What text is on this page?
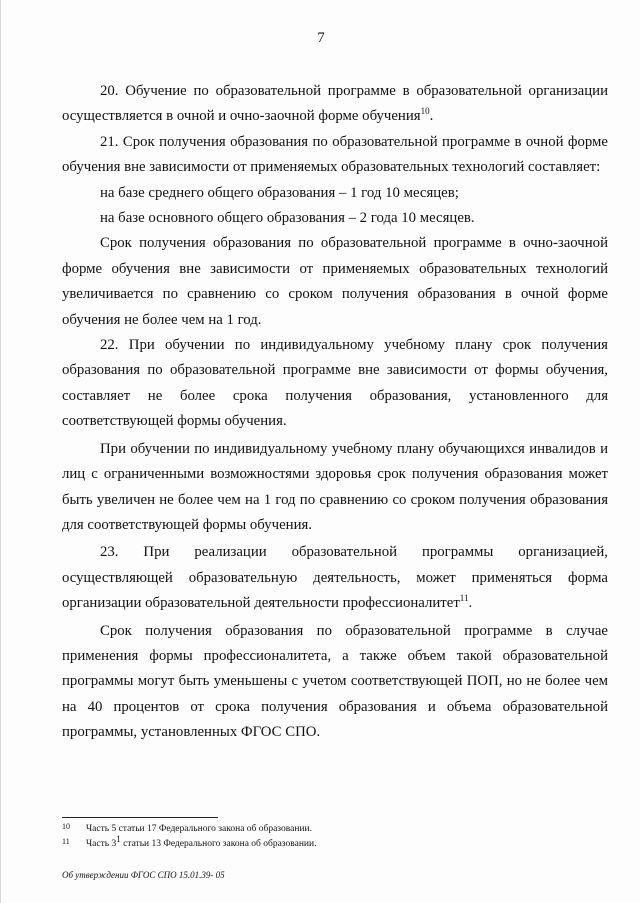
7

20. Обучение по образовательной программе в образовательной организации осуществляется в очной и очно-заочной форме обучения$^{10}$.

21. Срок получения образования по образовательной программе в очной форме обучения вне зависимости от применяемых образовательных технологий составляет:

на базе среднего общего образования – 1 год 10 месяцев;

на базе основного общего образования – 2 года 10 месяцев.

Срок получения образования по образовательной программе в очно-заочной форме обучения вне зависимости от применяемых образовательных технологий увеличивается по сравнению со сроком получения образования в очной форме обучения не более чем на 1 год.

22. При обучении по индивидуальному учебному плану срок получения образования по образовательной программе вне зависимости от формы обучения, составляет не более срока получения образования, установленного для соответствующей формы обучения.

При обучении по индивидуальному учебному плану обучающихся инвалидов и лиц с ограниченными возможностями здоровья срок получения образования может быть увеличен не более чем на 1 год по сравнению со сроком получения образования для соответствующей формы обучения.

23. При реализации образовательной программы организацией, осуществляющей образовательную деятельность, может применяться форма организации образовательной деятельности профессионалитет$^{11}$.

Срок получения образования по образовательной программе в случае применения формы профессионалитета, а также объем такой образовательной программы могут быть уменьшены с учетом соответствующей ПОП, но не более чем на 40 процентов от срока получения образования и объема образовательной программы, установленных ФГОС СПО.

10	Часть 5 статьи 17 Федерального закона об образовании.
11	Часть $3^1$ статьи 13 Федерального закона об образовании.
Об утверждении ФГОС СПО 15.01.39- 05
